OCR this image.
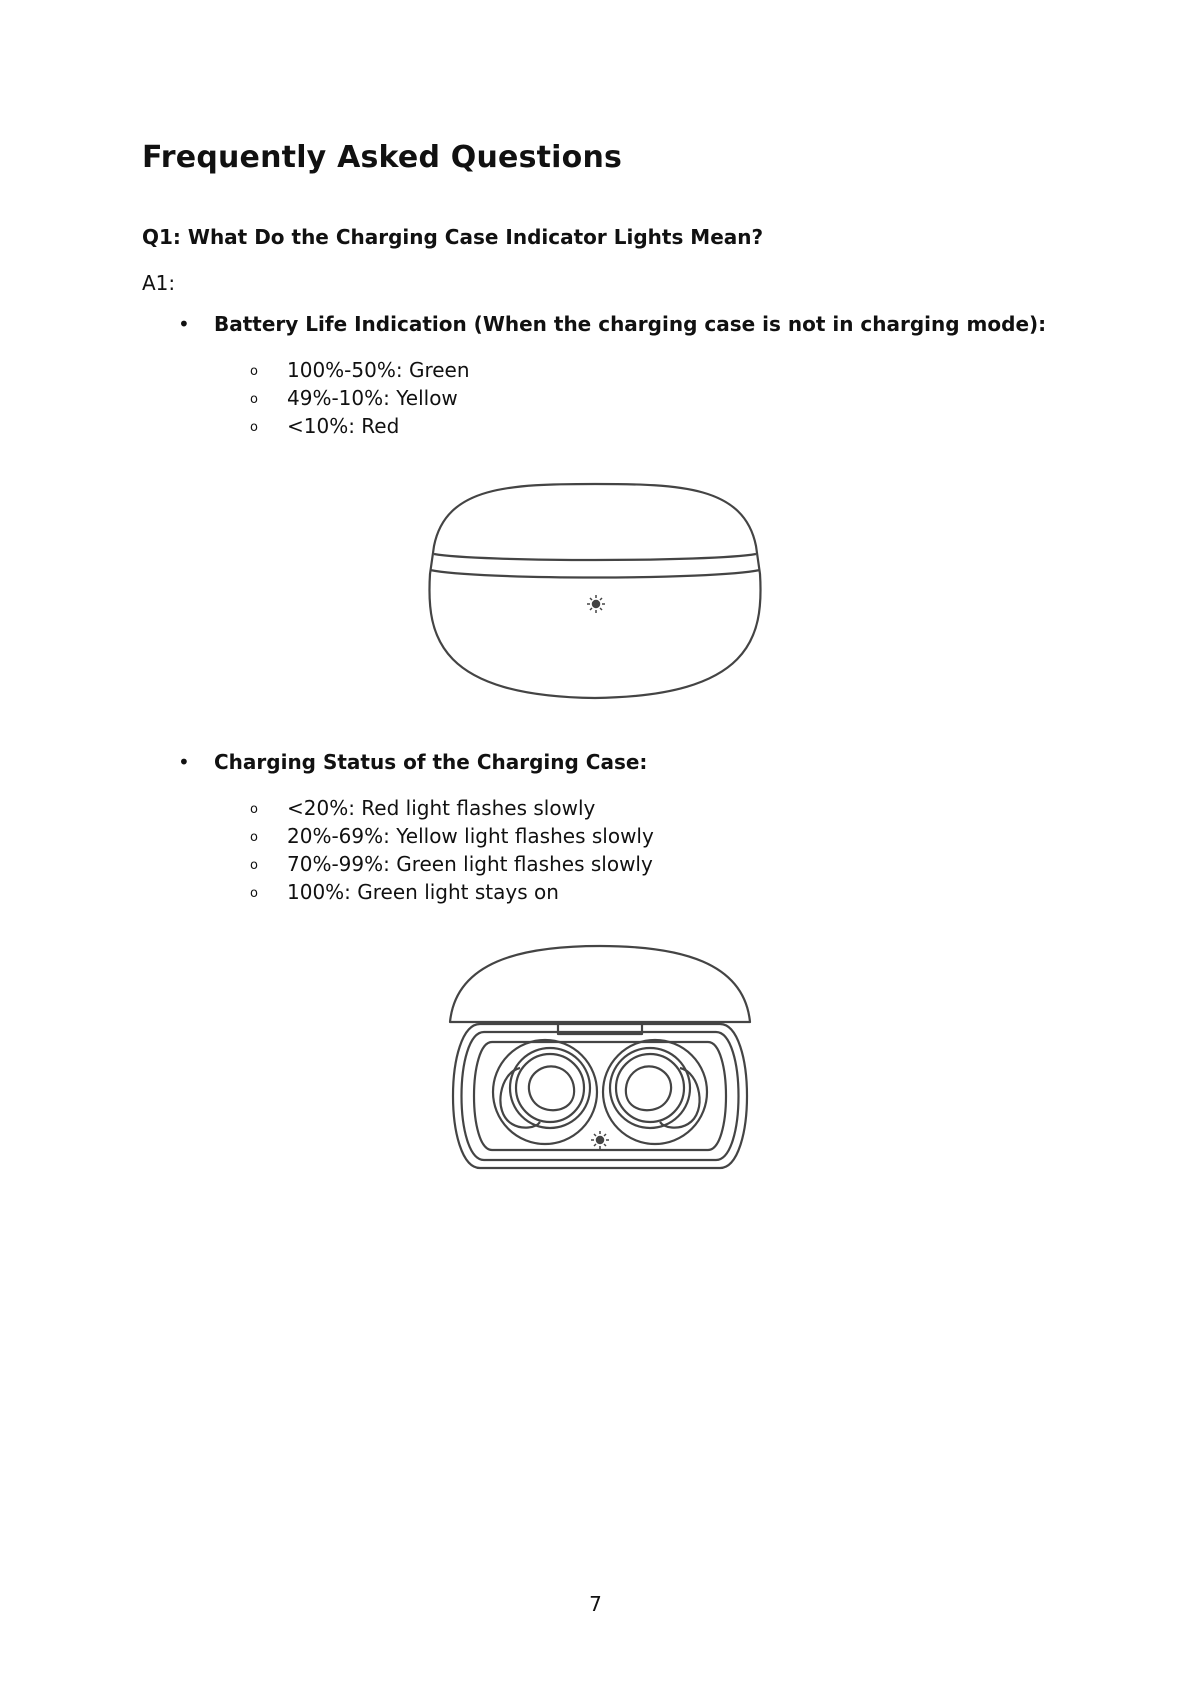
Frequently Asked Questions
Q1: What Do the Charging Case Indicator Lights Mean?
A1:
• Battery Life Indication (When the charging case is not in charging mode):
o 100%-50%: Green
o 49%-10%: Yellow
o <10%: Red
• Charging Status of the Charging Case:
o <20%: Red light flashes slowly
o 20%-69%: Yellow light flashes slowly
o 70%-99%: Green light flashes slowly
o 100%: Green light stays on
7
